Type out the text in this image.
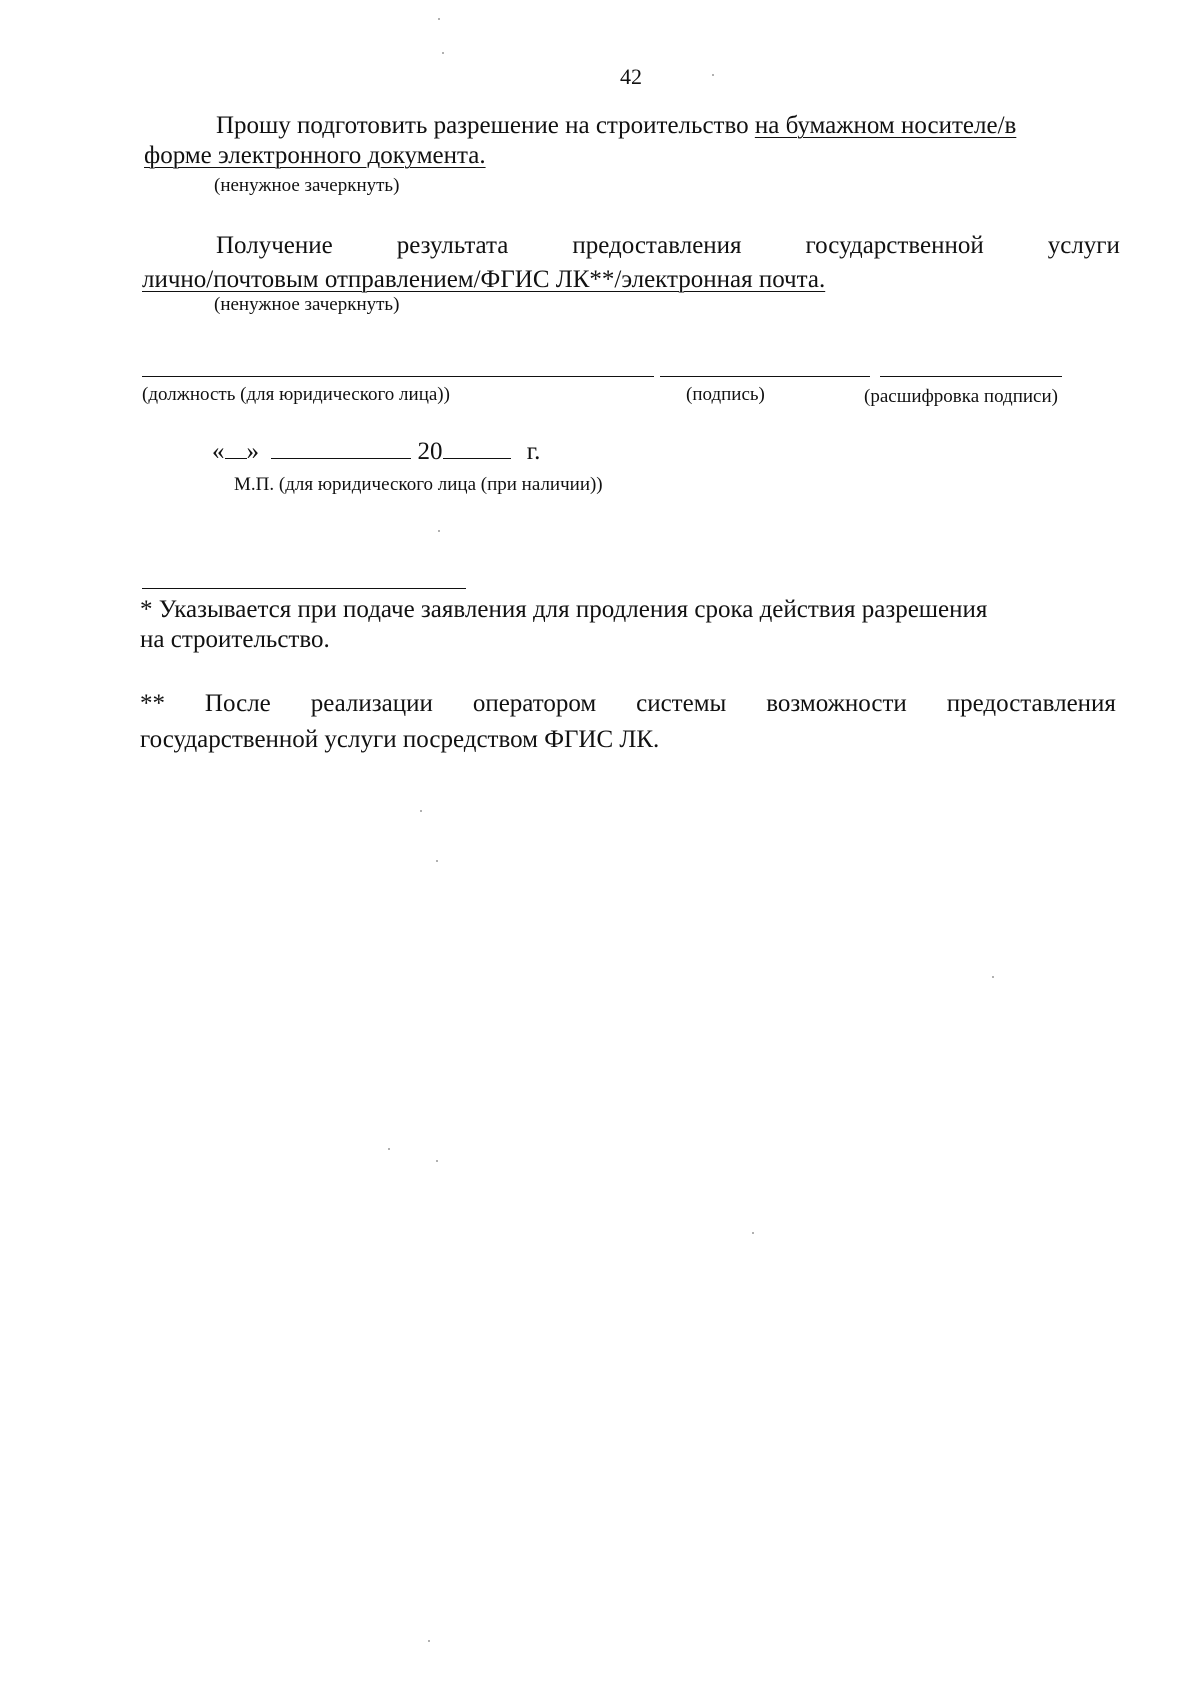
42
Прошу подготовить разрешение на строительство на бумажном носителе/в
форме электронного документа.
(ненужное зачеркнуть)
Получение	результата	предоставления	государственной	услуги
лично/почтовым отправлением/ФГИС ЛК**/электронная почта.
(ненужное зачеркнуть)
(должность (для юридического лица))	(подпись)	(расшифровка подписи)
« »	20	г.
М.П. (для юридического лица (при наличии))
* Указывается при подаче заявления для продления срока действия разрешения
на строительство.
** После реализации оператором системы возможности предоставления
государственной услуги посредством ФГИС ЛК.
